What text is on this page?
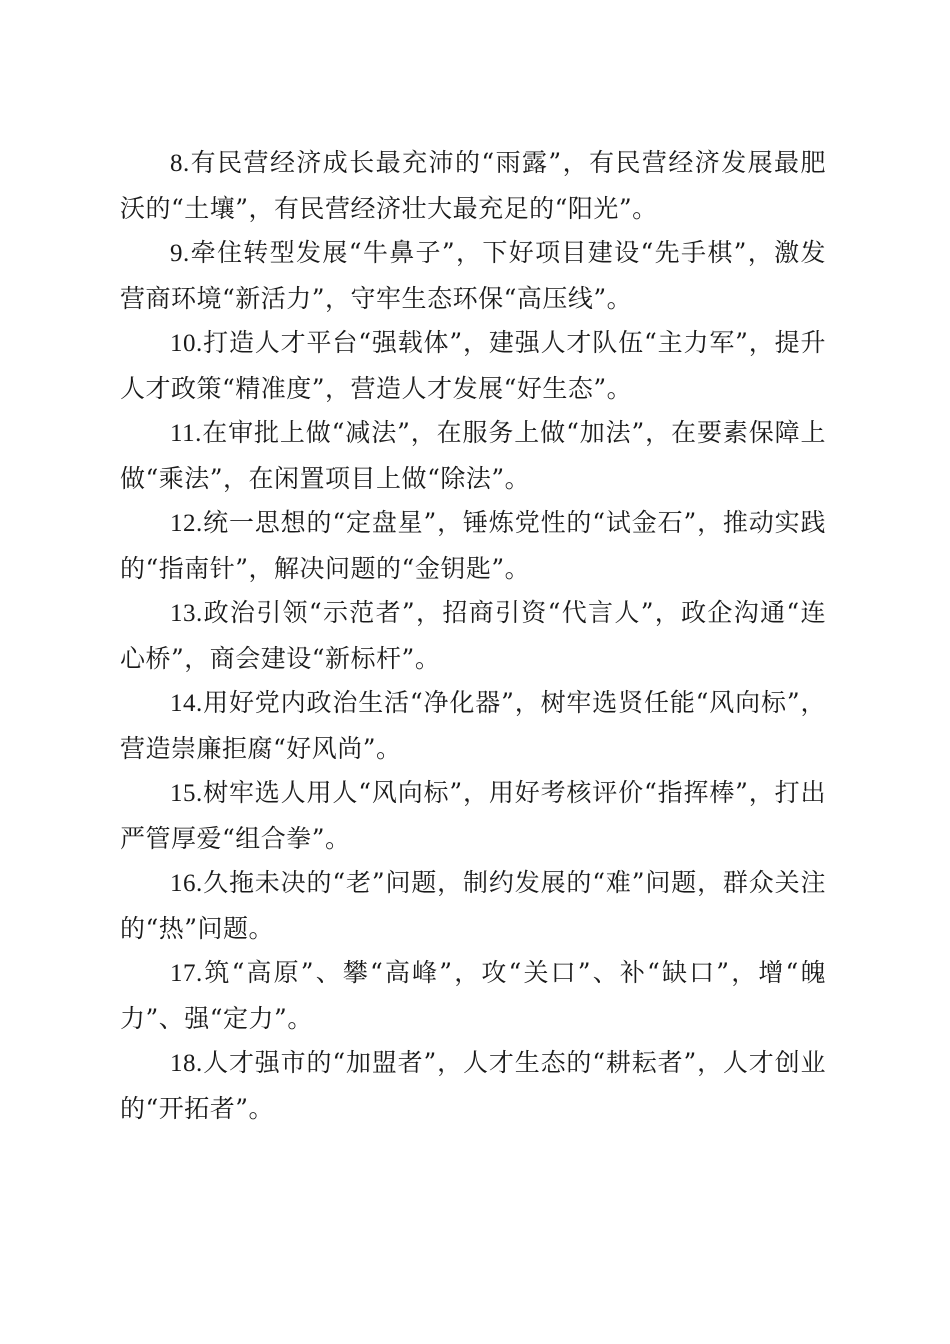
8.有民营经济成长最充沛的“雨露”，有民营经济发展最肥沃的“土壤”，有民营经济壮大最充足的“阳光”。

9.牵住转型发展“牛鼻子”，下好项目建设“先手棋”，激发营商环境“新活力”，守牢生态环保“高压线”。

10.打造人才平台“强载体”，建强人才队伍“主力军”，提升人才政策“精准度”，营造人才发展“好生态”。

11.在审批上做“减法”，在服务上做“加法”，在要素保障上做“乘法”，在闲置项目上做“除法”。

12.统一思想的“定盘星”，锤炼党性的“试金石”，推动实践的“指南针”，解决问题的“金钥匙”。

13.政治引领“示范者”，招商引资“代言人”，政企沟通“连心桥”，商会建设“新标杆”。

14.用好党内政治生活“净化器”，树牢选贤任能“风向标”，营造崇廉拒腐“好风尚”。

15.树牢选人用人“风向标”，用好考核评价“指挥棒”，打出严管厚爱“组合拳”。

16.久拖未决的“老”问题，制约发展的“难”问题，群众关注的“热”问题。

17.筑“高原”、攀“高峰”，攻“关口”、补“缺口”，增“魄力”、强“定力”。

18.人才强市的“加盟者”，人才生态的“耕耘者”，人才创业的“开拓者”。
